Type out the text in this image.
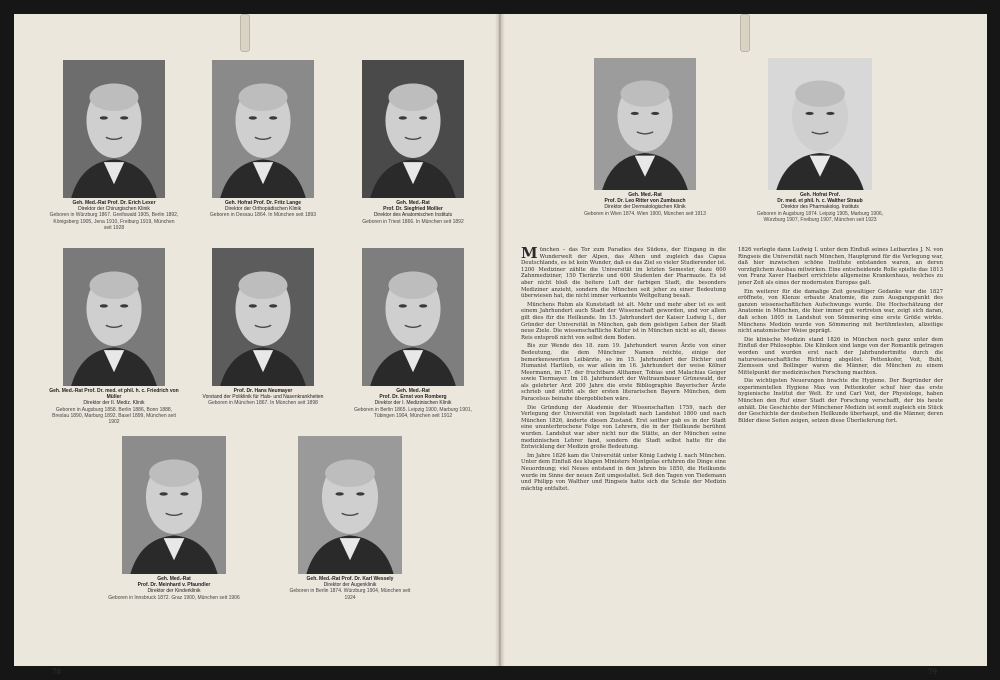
Geh. Med.-Rat Prof. Dr. Erich Lexer
Direktor der Chirurgischen Klinik
Geboren in Würzburg 1867. Greifswald 1905, Berlin 1892, Königsberg 1905, Jena 1910, Freiburg 1919, München seit 1928
Geh. Hofrat Prof. Dr. Fritz Lange
Direktor der Orthopädischen Klinik
Geboren in Dessau 1864. In München seit 1893
Geh. Med.-Rat
Prof. Dr. Siegfried Mollier
Direktor des Anatomischen Instituts
Geboren in Triest 1866. In München seit 1892
Geh. Med.-Rat Prof. Dr. med. et phil. h. c. Friedrich von Müller
Direktor der II. Mediz. Klinik
Geboren in Augsburg 1858. Berlin 1886, Bonn 1888, Breslau 1890, Marburg 1892, Basel 1899, München seit 1902
Prof. Dr. Hans Neumayer
Vorstand der Poliklinik für Hals- und Nasenkrankheiten
Geboren in München 1867. In München seit 1898
Geh. Med.-Rat
Prof. Dr. Ernst von Romberg
Direktor der I. Medizinischen Klinik
Geboren in Berlin 1865. Leipzig 1900, Marburg 1901, Tübingen 1904, München seit 1912
Geh. Med.-Rat
Prof. Dr. Meinhard v. Pfaundler
Direktor der Kinderklinik
Geboren in Innsbruck 1872. Graz 1900, München seit 1906
Geh. Med.-Rat Prof. Dr. Karl Wessely
Direktor der Augenklinik
Geboren in Berlin 1874. Würzburg 1904, München seit 1924
Geh. Med.-Rat
Prof. Dr. Leo Ritter von Zumbusch
Direktor der Dermatologischen Klinik
Geboren in Wien 1874. Wien 1900, München seit 1913
Geh. Hofrat Prof.
Dr. med. et phil. h. c. Walther Straub
Direktor des Pharmakolog. Instituts
Geboren in Augsburg 1874. Leipzig 1905, Marburg 1906, Würzburg 1907, Freiburg 1907, München seit 1923

München – das Tor zum Paradies des Südens, der Eingang in die Wunderwelt der Alpen, das Athen und zugleich das Capua Deutschlands, es ist kein Wunder, daß es das Ziel so vieler Studierender ist. 1200 Mediziner zählte die Universität im letzten Semester, dazu 600 Zahnmediziner, 150 Tierärzte und 600 Studenten der Pharmazie. Es ist aber nicht bloß die heitere Luft der farbigen Stadt, die besonders Mediziner anzieht, sondern die München seit jeher zu einer Bedeutung überwiesen hat, die nicht immer verkannte Weltgeltung besaß.

Münchens Ruhm als Kunststadt ist alt. Mehr und mehr aber ist es seit einem Jahrhundert auch Stadt der Wissenschaft geworden, und vor allem gilt dies für die Heilkunde. Im 15. Jahrhundert der Kaiser Ludwig I., der Gründer der Universität in München, gab dem geistigen Leben der Stadt neue Ziele. Die wissenschaftliche Kultur ist in München nicht so alt, dieses Reis entsproß nicht von selbst dem Boden.

Bis zur Wende des 18. zum 19. Jahrhundert waren Ärzte von einer Bedeutung, die dem Münchner Namen reichte, einige der bemerkenswerten Leibärzte, so im 15. Jahrhundert der Dichter und Humanist Hartlieb, es war allein im 16. Jahrhundert der weise Kölner Meermann, im 17. der fruchtbare Althamer, Tobias und Malachias Geiger sowie Tiermayer. Im 18. Jahrhundert der Weltraumbauer Grünewald, der als gelehrter Arzt 200 Jahre die erste Bibliographie Bayerischer Ärzte schrieb und stirbt als der ersten literarischen Bayern München, dem Paracelsus beinahe übergeblieben wäre.

Die Gründung der Akademie der Wissenschaften 1759, nach der Verlegung der Universität von Ingolstadt nach Landshut 1800 und nach München 1826, änderte diesen Zustand. Erst seither gab es in der Stadt eine ununterbrochene Folge von Lehrern, die in der Heilkunde berühmt wurden. Landshut war aber nicht nur die Stätte, an der München seine medizinischen Lehrer fand, sondern die Stadt selbst hatte für die Entwicklung der Medizin große Bedeutung.

Im Jahre 1826 kam die Universität unter König Ludwig I. nach München. Unter dem Einfluß des klugen Ministers Montgelas erfuhren die Dinge eine Neuordnung; viel Neues entstand in den Jahren bis 1850, die Heilkunde wurde im Sinne der neuen Zeit umgestaltet. Seit den Tagen von Tiedemann und Philipp von Walther und Ringseis hatte sich die Schule der Medizin mächtig entfaltet.

1826 verlegte dann Ludwig I. unter dem Einfluß seines Leibarztes J. N. von Ringseis die Universität nach München, Hauptgrund für die Verlegung war, daß hier inzwischen schöne Institute entstanden waren, an deren vorzüglichem Ausbau mitwirken. Eine entscheidende Rolle spielte das 1813 von Franz Xaver Haeberl errichtete allgemeine Krankenhaus, welches zu jener Zeit als eines der modernsten Europas galt.

Ein weiterer für die damalige Zeit gewaltiger Gedanke war die 1827 eröffnete, von Klenze erbaute Anatomie, die zum Ausgangspunkt des ganzen wissenschaftlichen Aufschwungs wurde. Die Hochschätzung der Anatomie in München, die hier immer gut vertreten war, zeigt sich daran, daß schon 1805 in Landshut von Sömmering eine erste Größe wirkte. Münchens Medizin wurde von Sömmering mit berühmtesten, allzeitige nicht anatomischer Weise geprägt.

Die klinische Medizin stand 1826 in München noch ganz unter dem Einfluß der Philosophie. Die Kliniken sind lange von der Romantik getragen worden und wurden erst nach der Jahrhundertmitte durch die naturwissenschaftliche Richtung abgelöst. Pettenkofer, Voit, Buhl, Ziemssen und Bollinger waren die Männer, die München zu einem Mittelpunkt der medizinischen Forschung machten.

Die wichtigsten Neuerungen brachte die Hygiene. Der Begründer der experimentellen Hygiene Max von Pettenkofer schuf hier das erste hygienische Institut der Welt. Er und Carl Voit, der Physiologe, haben München den Ruf einer Stadt der Forschung verschafft, der bis heute anhält. Die Geschichte der Münchener Medizin ist somit zugleich ein Stück der Geschichte der deutschen Heilkunde überhaupt, und die Männer, deren Bilder diese Seiten zeigen, setzen diese Überlieferung fort.

78	79
